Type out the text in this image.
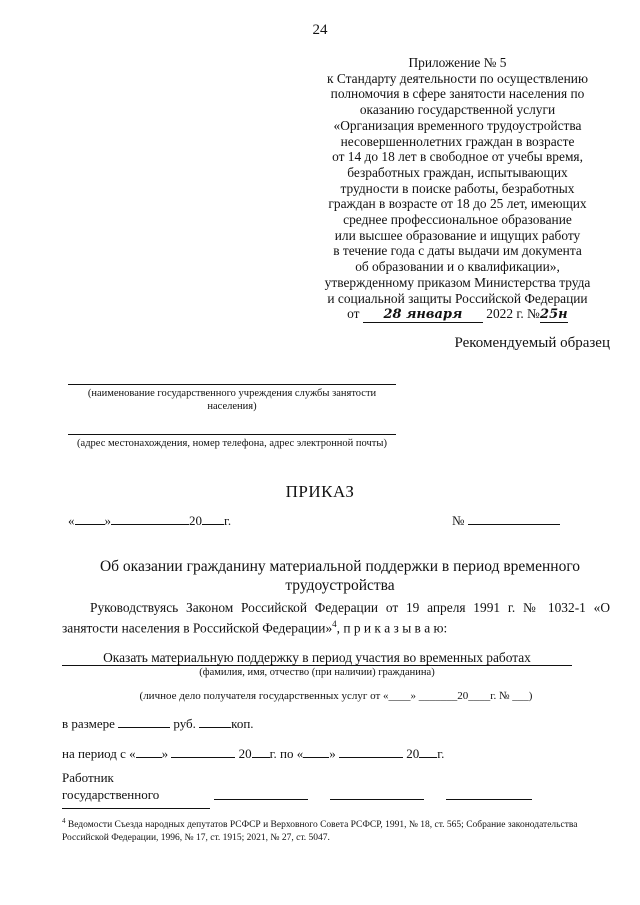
24
Приложение № 5
к Стандарту деятельности по осуществлению
полномочия в сфере занятости населения по
оказанию государственной услуги
«Организация временного трудоустройства
несовершеннолетних граждан в возрасте
от 14 до 18 лет в свободное от учебы время,
безработных граждан, испытывающих
трудности в поиске работы, безработных
граждан в возрасте от 18 до 25 лет, имеющих
среднее профессиональное образование
или высшее образование и ищущих работу
в течение года с даты выдачи им документа
об образовании и о квалификации»,
утвержденному приказом Министерства труда
и социальной защиты Российской Федерации
от 28 января 2022 г. №25н
Рекомендуемый образец
(наименование государственного учреждения службы занятости населения)
(адрес местонахождения, номер телефона, адрес электронной почты)
ПРИКАЗ
« »	20 г.	№
Об оказании гражданину материальной поддержки в период временного трудоустройства
Руководствуясь Законом Российской Федерации от 19 апреля 1991 г. № 1032-1 «О занятости населения в Российской Федерации»$^4$, п р и к а з ы в а ю:
Оказать материальную поддержку в период участия во временных работах
(фамилия, имя, отчество (при наличии) гражданина)
(личное дело получателя государственных услуг от «____» _______20____г. № ___)
в размере	руб.	коп.
на период с « »	20 г. по « »	20 г.
Работник
государственного
$^4$ Ведомости Съезда народных депутатов РСФСР и Верховного Совета РСФСР, 1991, № 18, ст. 565; Собрание законодательства Российской Федерации, 1996, № 17, ст. 1915; 2021, № 27, ст. 5047.
